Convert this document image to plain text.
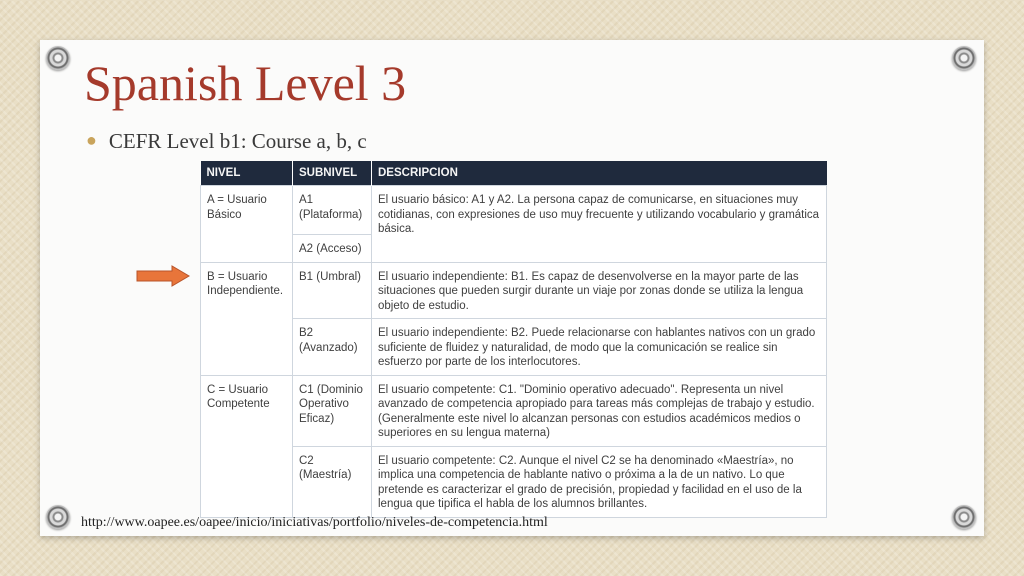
Spanish Level 3
● CEFR Level b1: Course a, b, c
NIVEL	SUBNIVEL	DESCRIPCION
A = Usuario Básico	A1 (Plataforma)	El usuario básico: A1 y A2. La persona capaz de comunicarse, en situaciones muy cotidianas, con expresiones de uso muy frecuente y utilizando vocabulario y gramática básica.
	A2 (Acceso)	
B = Usuario Independiente.	B1 (Umbral)	El usuario independiente: B1. Es capaz de desenvolverse en la mayor parte de las situaciones que pueden surgir durante un viaje por zonas donde se utiliza la lengua objeto de estudio.
	B2 (Avanzado)	El usuario independiente: B2. Puede relacionarse con hablantes nativos con un grado suficiente de fluidez y naturalidad, de modo que la comunicación se realice sin esfuerzo por parte de los interlocutores.
C = Usuario Competente	C1 (Dominio Operativo Eficaz)	El usuario competente: C1. "Dominio operativo adecuado". Representa un nivel avanzado de competencia apropiado para tareas más complejas de trabajo y estudio. (Generalmente este nivel lo alcanzan personas con estudios académicos medios o superiores en su lengua materna)
	C2 (Maestría)	El usuario competente: C2. Aunque el nivel C2 se ha denominado «Maestría», no implica una competencia de hablante nativo o próxima a la de un nativo. Lo que pretende es caracterizar el grado de precisión, propiedad y facilidad en el uso de la lengua que tipifica el habla de los alumnos brillantes.
http://www.oapee.es/oapee/inicio/iniciativas/portfolio/niveles-de-competencia.html
